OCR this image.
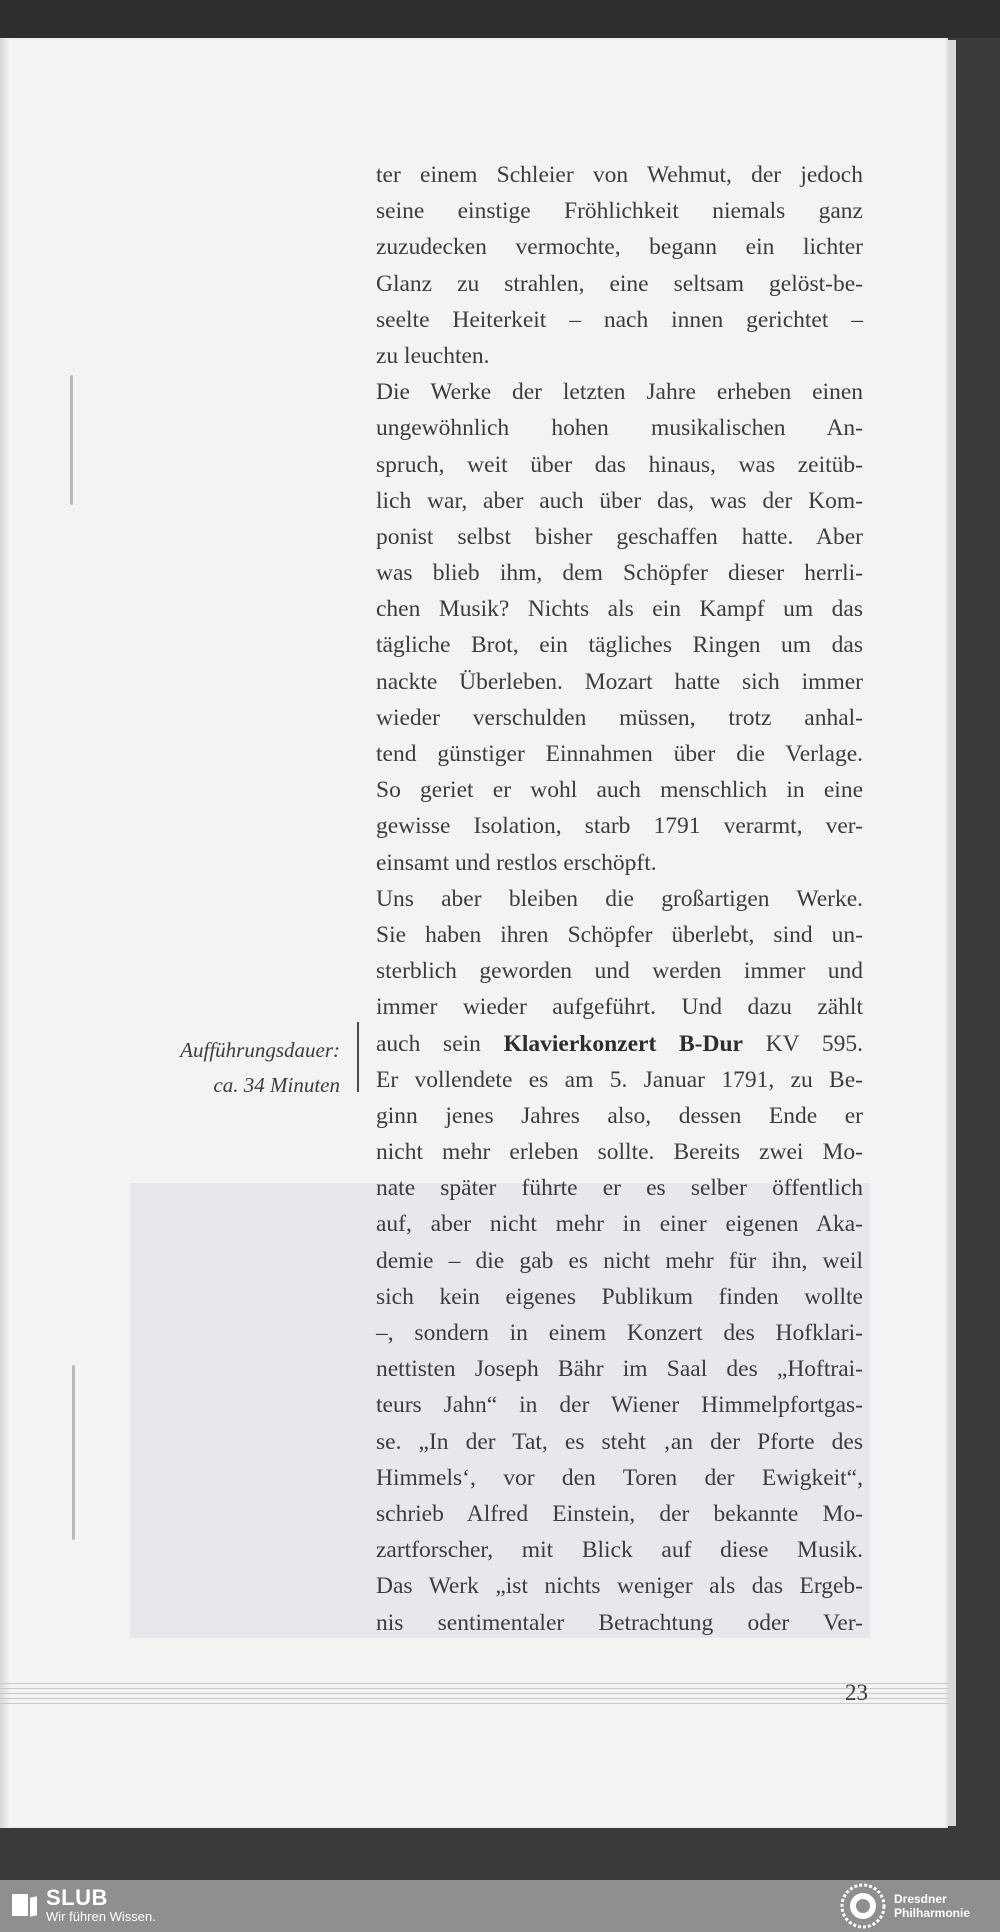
ter einem Schleier von Wehmut, der jedoch
seine einstige Fröhlichkeit niemals ganz
zuzudecken vermochte, begann ein lichter
Glanz zu strahlen, eine seltsam gelöst-be-
seelte Heiterkeit – nach innen gerichtet –
zu leuchten.
Die Werke der letzten Jahre erheben einen
ungewöhnlich hohen musikalischen An-
spruch, weit über das hinaus, was zeitüb-
lich war, aber auch über das, was der Kom-
ponist selbst bisher geschaffen hatte. Aber
was blieb ihm, dem Schöpfer dieser herrli-
chen Musik? Nichts als ein Kampf um das
tägliche Brot, ein tägliches Ringen um das
nackte Überleben. Mozart hatte sich immer
wieder verschulden müssen, trotz anhal-
tend günstiger Einnahmen über die Verlage.
So geriet er wohl auch menschlich in eine
gewisse Isolation, starb 1791 verarmt, ver-
einsamt und restlos erschöpft.
Uns aber bleiben die großartigen Werke.
Sie haben ihren Schöpfer überlebt, sind un-
sterblich geworden und werden immer und
immer wieder aufgeführt. Und dazu zählt
auch sein Klavierkonzert B-Dur KV 595.
Er vollendete es am 5. Januar 1791, zu Be-
ginn jenes Jahres also, dessen Ende er
nicht mehr erleben sollte. Bereits zwei Mo-
nate später führte er es selber öffentlich
auf, aber nicht mehr in einer eigenen Aka-
demie – die gab es nicht mehr für ihn, weil
sich kein eigenes Publikum finden wollte
–, sondern in einem Konzert des Hofklari-
nettisten Joseph Bähr im Saal des „Hoftrai-
teurs Jahn“ in der Wiener Himmelpfortgas-
se. „In der Tat, es steht ‚an der Pforte des
Himmels‘, vor den Toren der Ewigkeit“,
schrieb Alfred Einstein, der bekannte Mo-
zartforscher, mit Blick auf diese Musik.
Das Werk „ist nichts weniger als das Ergeb-
nis sentimentaler Betrachtung oder Ver-
Aufführungsdauer:
ca. 34 Minuten
23
SLUB
Wir führen Wissen.
Dresdner
Philharmonie
